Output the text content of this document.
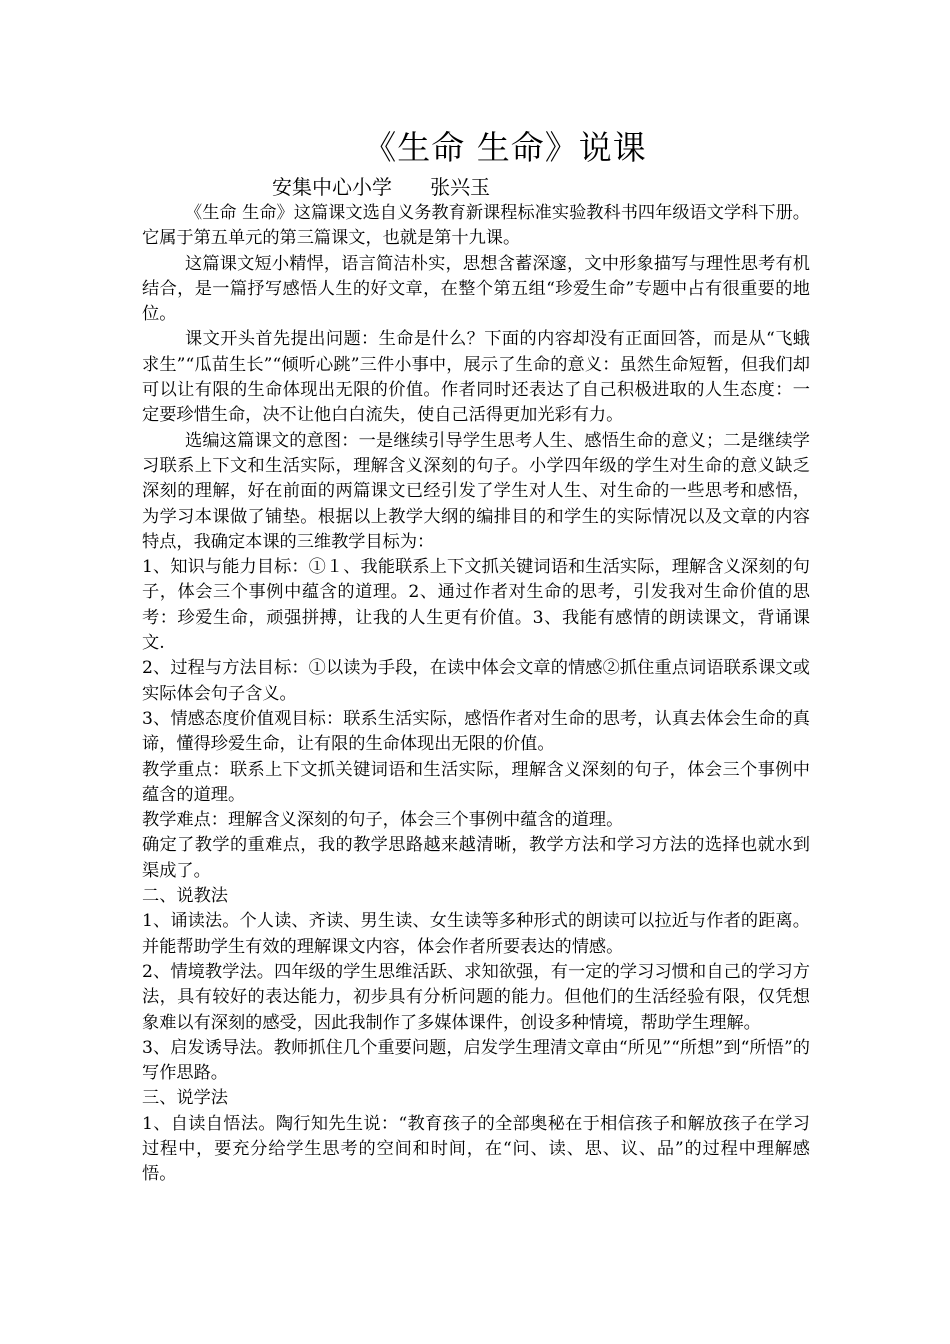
《生命 生命》说课
安集中心小学      张兴玉

《生命 生命》这篇课文选自义务教育新课程标准实验教科书四年级语文学科下册。它属于第五单元的第三篇课文，也就是第十九课。

这篇课文短小精悍，语言简洁朴实，思想含蓄深邃，文中形象描写与理性思考有机结合，是一篇抒写感悟人生的好文章，在整个第五组“珍爱生命”专题中占有很重要的地位。

课文开头首先提出问题：生命是什么？下面的内容却没有正面回答，而是从“飞蛾求生”“瓜苗生长”“倾听心跳”三件小事中，展示了生命的意义：虽然生命短暂，但我们却可以让有限的生命体现出无限的价值。作者同时还表达了自己积极进取的人生态度：一定要珍惜生命，决不让他白白流失，使自己活得更加光彩有力。

选编这篇课文的意图：一是继续引导学生思考人生、感悟生命的意义；二是继续学习联系上下文和生活实际，理解含义深刻的句子。小学四年级的学生对生命的意义缺乏深刻的理解，好在前面的两篇课文已经引发了学生对人生、对生命的一些思考和感悟，为学习本课做了铺垫。根据以上教学大纲的编排目的和学生的实际情况以及文章的内容特点，我确定本课的三维教学目标为：

1、知识与能力目标：①１、我能联系上下文抓关键词语和生活实际，理解含义深刻的句子，体会三个事例中蕴含的道理。2、通过作者对生命的思考，引发我对生命价值的思考：珍爱生命，顽强拼搏，让我的人生更有价值。3、我能有感情的朗读课文，背诵课文.

2、过程与方法目标：①以读为手段，在读中体会文章的情感②抓住重点词语联系课文或实际体会句子含义。

3、情感态度价值观目标：联系生活实际，感悟作者对生命的思考，认真去体会生命的真谛，懂得珍爱生命，让有限的生命体现出无限的价值。

教学重点：联系上下文抓关键词语和生活实际，理解含义深刻的句子，体会三个事例中蕴含的道理。

教学难点：理解含义深刻的句子，体会三个事例中蕴含的道理。

确定了教学的重难点，我的教学思路越来越清晰，教学方法和学习方法的选择也就水到渠成了。

二、说教法

1、诵读法。个人读、齐读、男生读、女生读等多种形式的朗读可以拉近与作者的距离。并能帮助学生有效的理解课文内容，体会作者所要表达的情感。

2、情境教学法。四年级的学生思维活跃、求知欲强，有一定的学习习惯和自己的学习方法，具有较好的表达能力，初步具有分析问题的能力。但他们的生活经验有限，仅凭想象难以有深刻的感受，因此我制作了多媒体课件，创设多种情境，帮助学生理解。

3、启发诱导法。教师抓住几个重要问题，启发学生理清文章由“所见”“所想”到“所悟”的写作思路。

三、说学法

1、自读自悟法。陶行知先生说：“教育孩子的全部奥秘在于相信孩子和解放孩子在学习过程中，要充分给学生思考的空间和时间，在“问、读、思、议、品”的过程中理解感悟。
